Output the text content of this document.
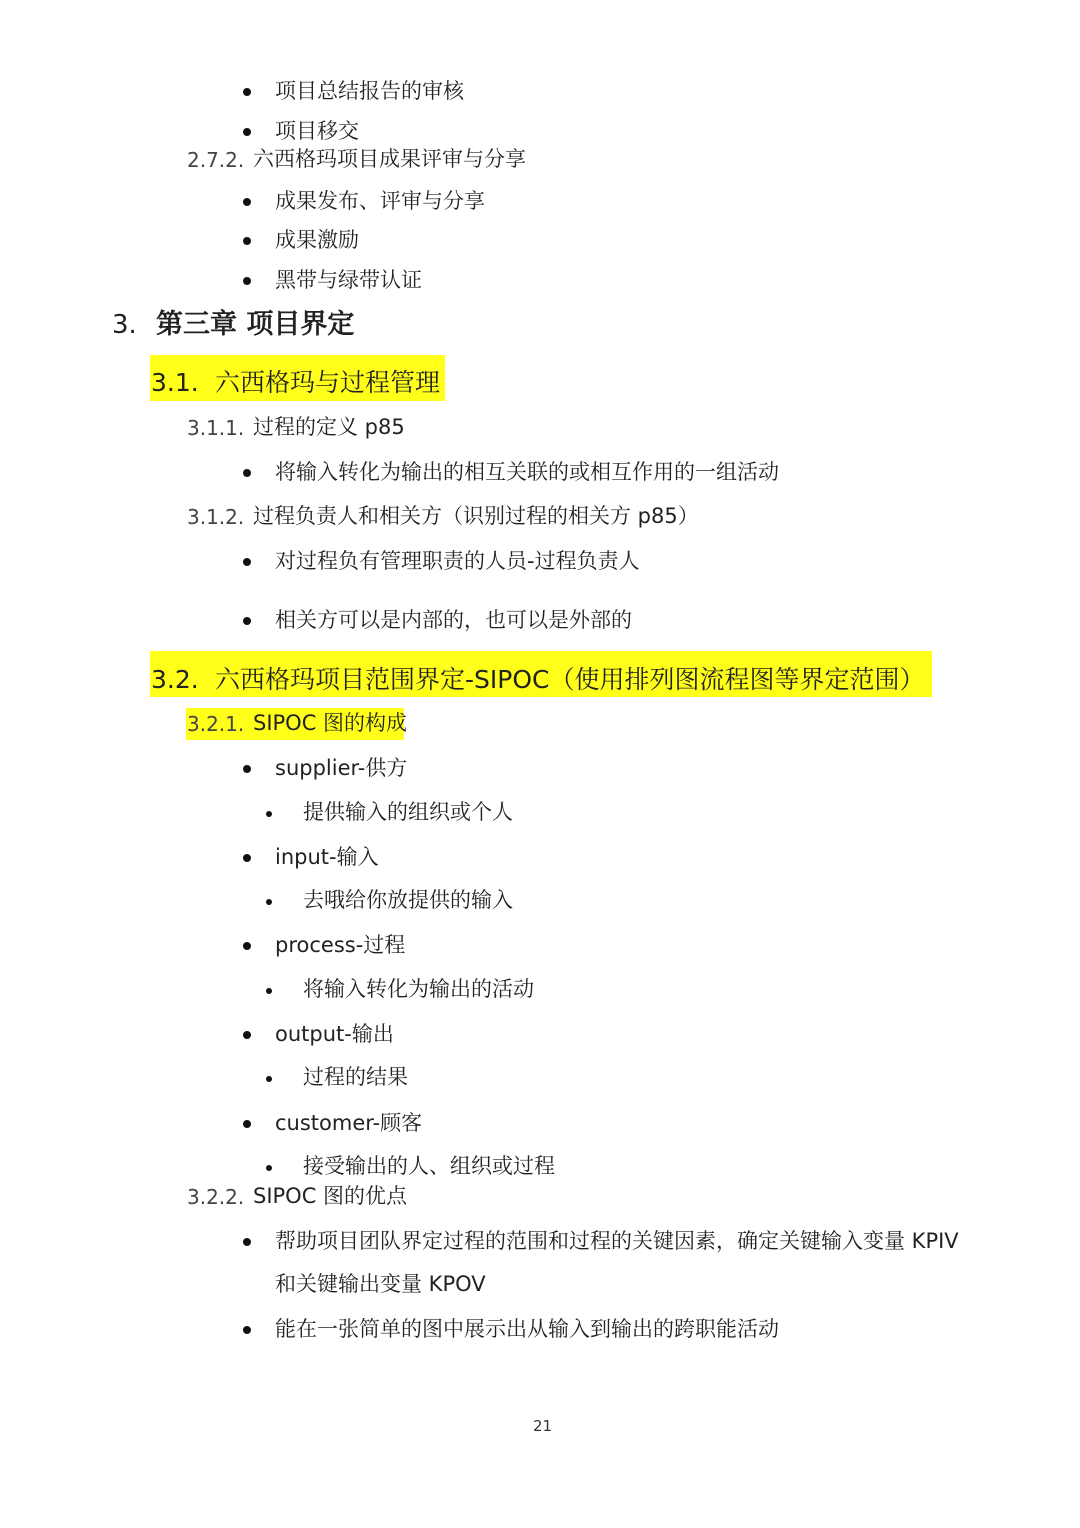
项目总结报告的审核
项目移交
2.7.2. 六西格玛项目成果评审与分享
成果发布、评审与分享
成果激励
黑带与绿带认证
3. 第三章 项目界定
3.1. 六西格玛与过程管理
3.1.1. 过程的定义 p85
将输入转化为输出的相互关联的或相互作用的一组活动
3.1.2. 过程负责人和相关方（识别过程的相关方 p85）
对过程负有管理职责的人员-过程负责人
相关方可以是内部的，也可以是外部的
3.2. 六西格玛项目范围界定-SIPOC（使用排列图流程图等界定范围）
3.2.1. SIPOC 图的构成
supplier-供方
提供输入的组织或个人
input-输入
去哦给你放提供的输入
process-过程
将输入转化为输出的活动
output-输出
过程的结果
customer-顾客
接受输出的人、组织或过程
3.2.2. SIPOC 图的优点
帮助项目团队界定过程的范围和过程的关键因素，确定关键输入变量 KPIV
和关键输出变量 KPOV
能在一张简单的图中展示出从输入到输出的跨职能活动
21
